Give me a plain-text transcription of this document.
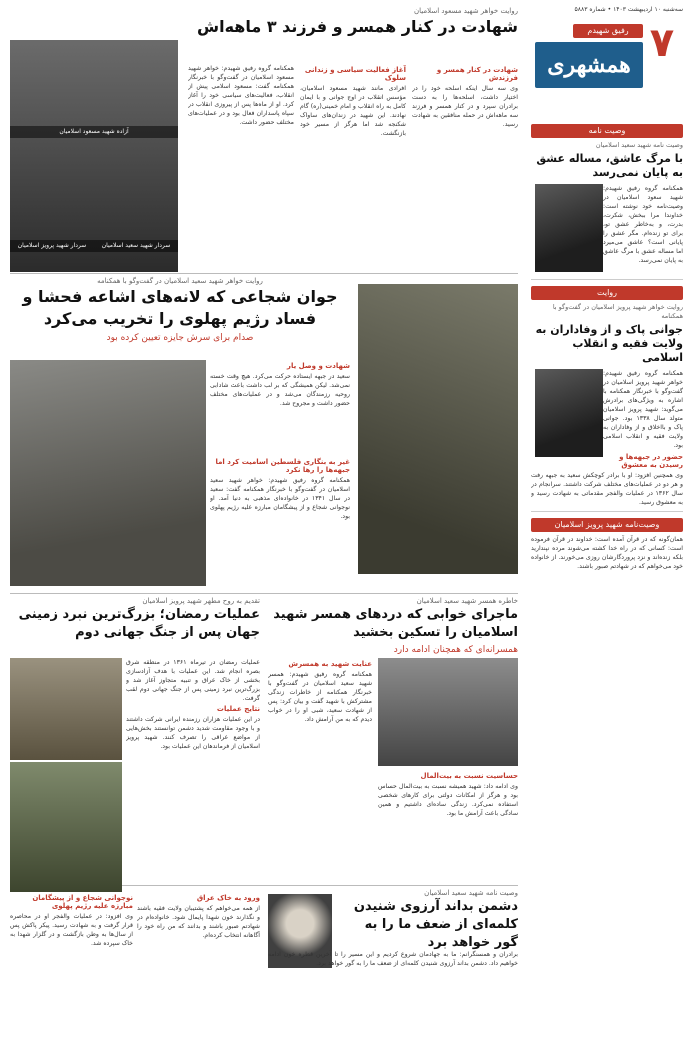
سه‌شنبه ۱۰ اردیبهشت ۱۴۰۳ • شماره ۵۸۸۳
۷
رفیق شهیدم
همشهری
وصیت نامه
وصیت نامه شهید سعید اسلامیان
با مرگ عاشق، مساله عشق به پایان نمی‌رسد
همکنامه گروه رفیق شهیدم: شهید سعود اسلامیان در وصیت‌نامه خود نوشته است: خداوندا مرا ببخش، شکرت، بدرت، و به‌خاطر عشق تو، برای تو زنده‌ام. مگر عشق را پایانی است؟ عاشق می‌میرد اما مساله عشق با مرگ عاشق به پایان نمی‌رسد.
روایت
روایت خواهر شهید پرویز اسلامیان در گفت‌وگو با همکنامه
جوانی پاک و از وفاداران به ولایت فقیه و انقلاب اسلامی
همکنامه گروه رفیق شهیدم: خواهر شهید پرویز اسلامیان در گفت‌وگو با خبرنگار همکنامه با اشاره به ویژگی‌های برادرش می‌گوید: شهید پرویز اسلامیان متولد سال ۱۳۳۸ بود. جوانی پاک و بااخلاق و از وفاداران به ولایت فقیه و انقلاب اسلامی بود.
حضور در جبهه‌ها و رسیدن به معشوق
وی همچنین افزود: او با برادر کوچکش سعید به جبهه رفت و هر دو در عملیات‌های مختلف شرکت داشتند. سرانجام در سال ۱۳۶۲ در عملیات والفجر مقدماتی به شهادت رسید و به معشوق رسید.
وصیت‌نامه شهید پرویز اسلامیان
همان‌گونه که در قرآن آمده است: خداوند در قرآن فرموده است: کسانی که در راه خدا کشته می‌شوند مرده نپندارید بلکه زنده‌اند و نزد پروردگارشان روزی می‌خورند. از خانواده خود می‌خواهم که در شهادتم صبور باشند.
روایت خواهر شهید مسعود اسلامیان
شهادت در کنار همسر و فرزند ۳ ماهه‌اش
آزاده شهید مسعود اسلامیان
سردار شهید پرویز اسلامیان	سردار شهید سعید اسلامیان
شهادت در کنار همسر و فرزندش
وی سه سال اینکه اسلحه خود را در اختیار داشت، اسلحه‌ها را به دست برادران سپرد و در کنار همسر و فرزند سه ماهه‌اش در حمله منافقین به شهادت رسید.
آغاز فعالیت سیاسی و زندانی سلوک
افرادی مانند شهید مسعود اسلامیان، مؤسس انقلاب در اوج جوانی و با ایمان کامل به راه انقلاب و امام خمینی(ره) گام نهادند. این شهید در زندان‌های ساواک شکنجه شد اما هرگز از مسیر خود بازنگشت.
همکنامه گروه رفیق شهیدم: خواهر شهید مسعود اسلامیان در گفت‌وگو با خبرنگار همکنامه گفت: مسعود اسلامی پیش از انقلاب، فعالیت‌های سیاسی خود را آغاز کرد. او از ماه‌ها پس از پیروزی انقلاب در سپاه پاسداران فعال بود و در عملیات‌های مختلف حضور داشت.
روایت خواهر شهید سعید اسلامیان در گفت‌وگو با همکنامه
جوان شجاعی که لانه‌های اشاعه فحشا و فساد رژیم پهلوی را تخریب می‌کرد
صدام برای سرش جایزه تعیین کرده بود
شهادت و وصل یار
سعید در جبهه ایستاده حرکت می‌کرد. هیچ وقت خسته نمی‌شد. لیکن همیشگی که بر لب داشت باعث شادابی روحیه رزمندگان می‌شد و در عملیات‌های مختلف حضور داشت و مجروح شد.
غیر به بنگاری فلسطین اسامیت کرد اما جبهه‌ها را رها نکرد
همکنامه گروه رفیق شهیدم: خواهر شهید سعید اسلامیان در گفت‌وگو با خبرنگار همکنامه گفت: سعید در سال ۱۳۴۱ در خانواده‌ای مذهبی به دنیا آمد. او نوجوانی شجاع و از پیشگامان مبارزه علیه رژیم پهلوی بود.
خاطره همسر شهید سعید اسلامیان
ماجرای خوابی که دردهای همسر شهید اسلامیان را تسکین بخشید
همسرانه‌ای که همچنان ادامه دارد
عنایت شهید به همسرش
همکنامه گروه رفیق شهیدم: همسر شهید سعید اسلامیان در گفت‌وگو با خبرنگار همکنامه از خاطرات زندگی مشترکش با شهید گفت و بیان کرد: پس از شهادت سعید، شبی او را در خواب دیدم که به من آرامش داد.
حساسیت نسبت به بیت‌المال
وی ادامه داد: شهید همیشه نسبت به بیت‌المال حساس بود و هرگز از امکانات دولتی برای کارهای شخصی استفاده نمی‌کرد. زندگی ساده‌ای داشتیم و همین سادگی باعث آرامش ما بود.
تقدیم به روح مطهر شهید پرویز اسلامیان
عملیات رمضان؛ بزرگ‌ترین نبرد زمینی جهان پس از جنگ جهانی دوم
عملیات رمضان در تیرماه ۱۳۶۱ در منطقه شرق بصره انجام شد. این عملیات با هدف آزادسازی بخشی از خاک عراق و تنبیه متجاوز آغاز شد و بزرگ‌ترین نبرد زمینی پس از جنگ جهانی دوم لقب گرفت.
نتایج عملیات
در این عملیات هزاران رزمنده ایرانی شرکت داشتند و با وجود مقاومت شدید دشمن توانستند بخش‌هایی از مواضع عراقی را تصرف کنند. شهید پرویز اسلامیان از فرماندهان این عملیات بود.
وصیت نامه شهید سعید اسلامیان
دشمن بداند آرزوی شنیدن کلمه‌ای از ضعف ما را به گور خواهد برد
برادران و همسنگرانم: ما به جهادمان شروع کردیم و این مسیر را تا آخرین قطره خون ادامه خواهیم داد. دشمن بداند آرزوی شنیدن کلمه‌ای از ضعف ما را به گور خواهد برد.
ورود به خاک عراق
از همه می‌خواهم که پشتیبان ولایت فقیه باشند و نگذارند خون شهدا پایمال شود. خانواده‌ام در شهادتم صبور باشند و بدانند که من راه خود را آگاهانه انتخاب کرده‌ام.
نوجوانی شجاع و از پیشگامان مبارزه علیه رژیم پهلوی
وی افزود: در عملیات والفجر او در محاصره قرار گرفت و به شهادت رسید. پیکر پاکش پس از سال‌ها به وطن بازگشت و در گلزار شهدا به خاک سپرده شد.
